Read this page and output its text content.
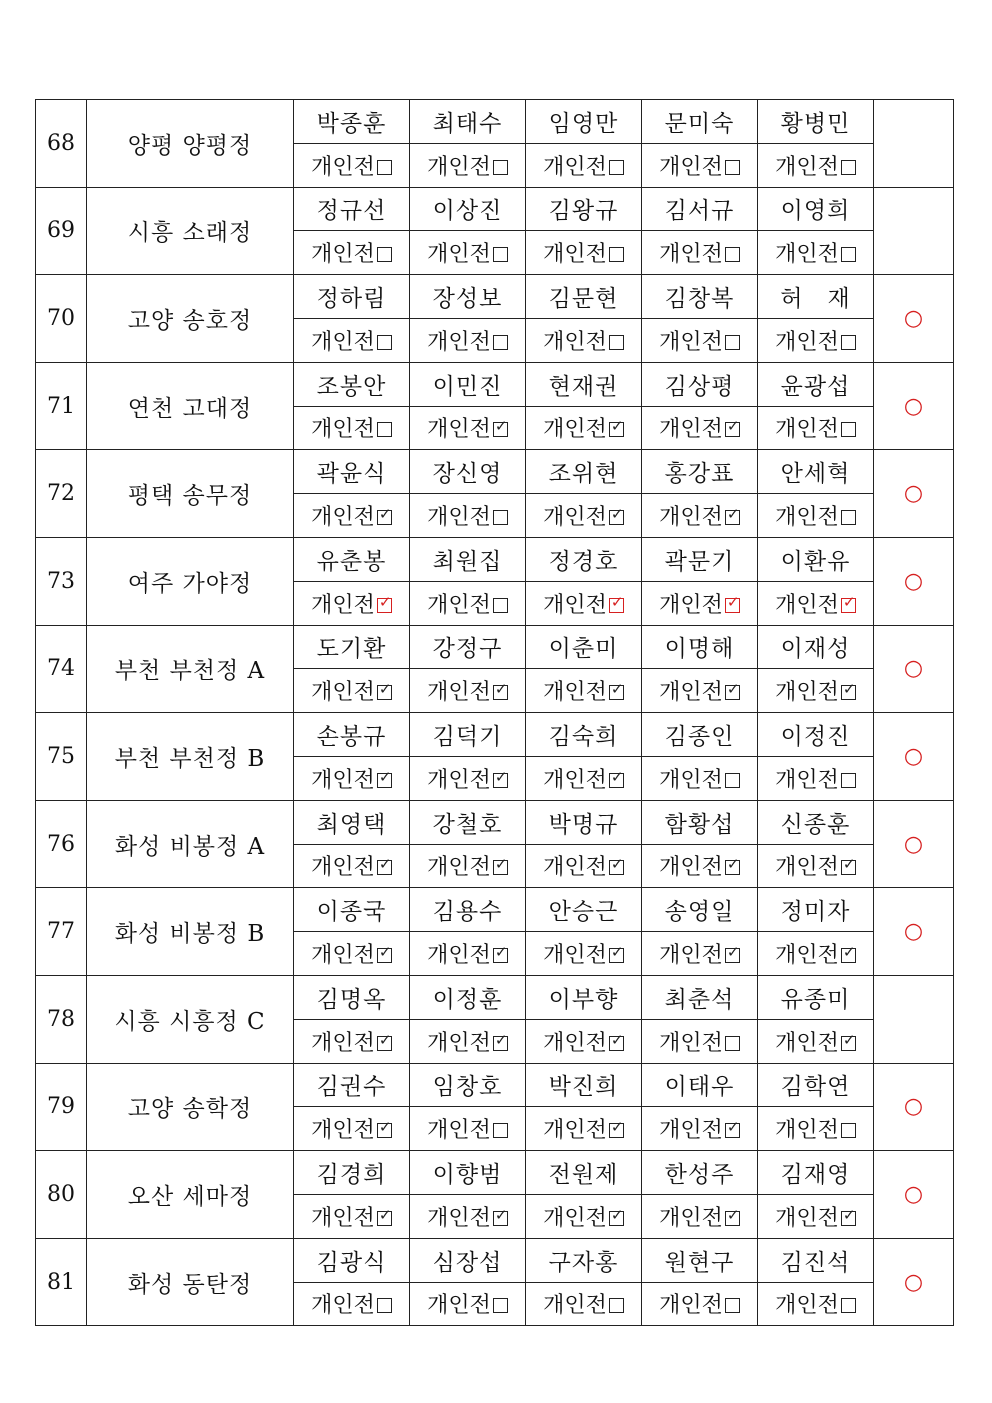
68	양평 양평정	박종훈	최태수	임영만	문미숙	황병민	
		개인전	개인전	개인전	개인전	개인전	
69	시흥 소래정	정규선	이상진	김왕규	김서규	이영희	
		개인전	개인전	개인전	개인전	개인전	
70	고양 송호정	정하림	장성보	김문현	김창복	허　재	○
		개인전	개인전	개인전	개인전	개인전	
71	연천 고대정	조봉안	이민진	현재권	김상평	윤광섭	○
		개인전	개인전 ✓	개인전 ✓	개인전 ✓	개인전	
72	평택 송무정	곽윤식	장신영	조위현	홍강표	안세혁	○
		개인전 ✓	개인전	개인전 ✓	개인전 ✓	개인전	
73	여주 가야정	유춘봉	최원집	정경호	곽문기	이환유	○
		개인전 ✓	개인전	개인전 ✓	개인전 ✓	개인전 ✓	

74	부천 부천정 A	도기환	강정구	이춘미	이명해	이재성	○
		개인전 ✓	개인전 ✓	개인전 ✓	개인전 ✓	개인전 ✓	

75	부천 부천정 B	손봉규	김덕기	김숙희	김종인	이정진	○
		개인전 ✓	개인전 ✓	개인전 ✓	개인전	개인전	
76	화성 비봉정 A	최영택	강철호	박명규	함황섭	신종훈	○
		개인전 ✓	개인전 ✓	개인전 ✓	개인전 ✓	개인전 ✓	

77	화성 비봉정 B	이종국	김용수	안승근	송영일	정미자	○
		개인전 ✓	개인전 ✓	개인전 ✓	개인전 ✓	개인전 ✓	

78	시흥 시흥정 C	김명옥	이정훈	이부향	최춘석	유종미	
		개인전 ✓	개인전 ✓	개인전 ✓	개인전	개인전 ✓	

79	고양 송학정	김권수	임창호	박진희	이태우	김학연	○
		개인전 ✓	개인전	개인전 ✓	개인전 ✓	개인전	
80	오산 세마정	김경희	이향범	전원제	한성주	김재영	○
		개인전 ✓	개인전 ✓	개인전 ✓	개인전 ✓	개인전 ✓	

81	화성 동탄정	김광식	심장섭	구자홍	원현구	김진석	○
		개인전	개인전	개인전	개인전	개인전	
